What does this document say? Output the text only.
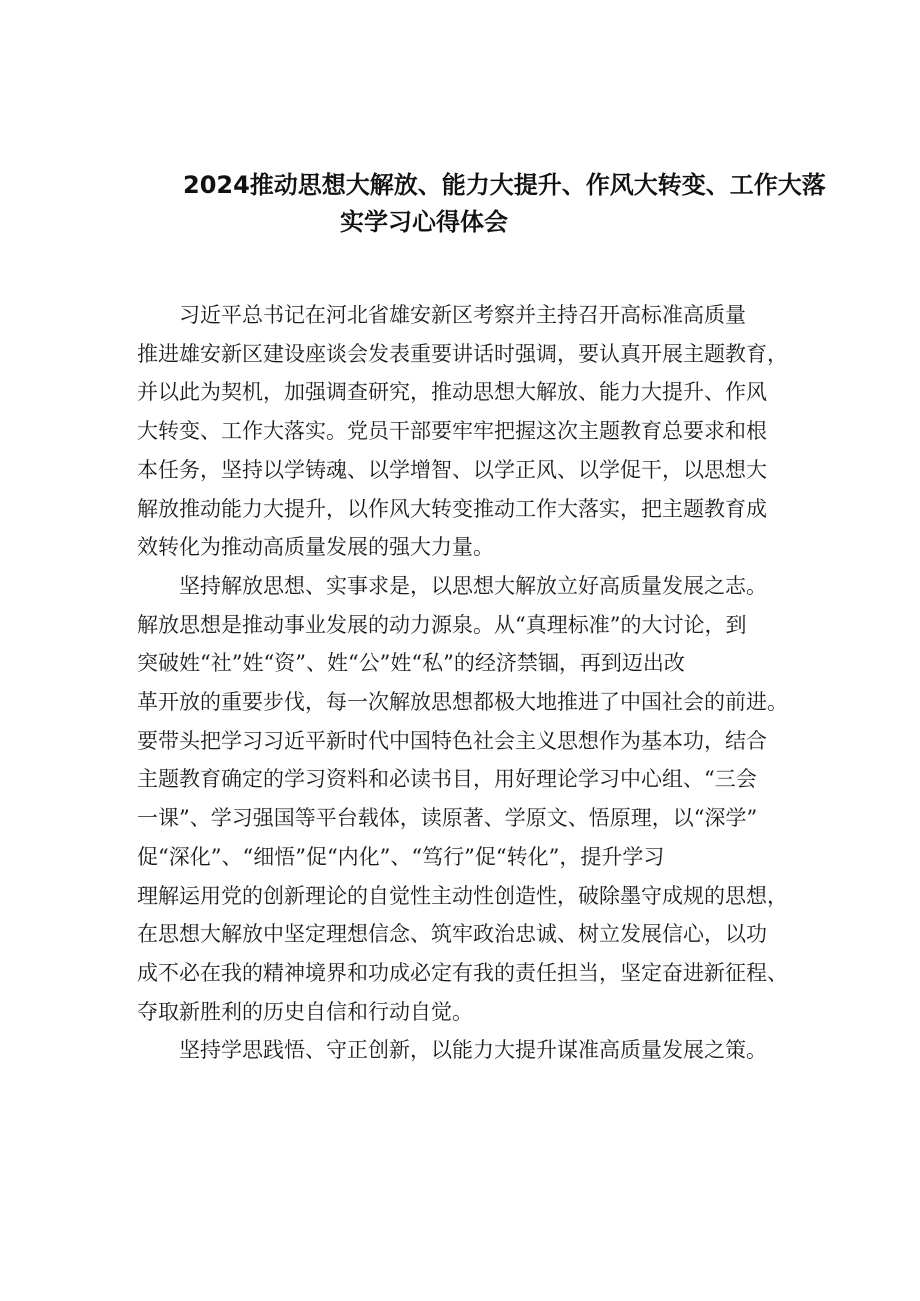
2024推动思想大解放、能力大提升、作风大转变、工作大落
实学习心得体会

习近平总书记在河北省雄安新区考察并主持召开高标准高质量
推进雄安新区建设座谈会发表重要讲话时强调，要认真开展主题教育，
并以此为契机，加强调查研究，推动思想大解放、能力大提升、作风
大转变、工作大落实。党员干部要牢牢把握这次主题教育总要求和根
本任务，坚持以学铸魂、以学增智、以学正风、以学促干，以思想大
解放推动能力大提升，以作风大转变推动工作大落实，把主题教育成
效转化为推动高质量发展的强大力量。

坚持解放思想、实事求是，以思想大解放立好高质量发展之志。
解放思想是推动事业发展的动力源泉。从“真理标准”的大讨论，到
突破姓“社”姓“资”、姓“公”姓“私”的经济禁锢，再到迈出改
革开放的重要步伐，每一次解放思想都极大地推进了中国社会的前进。
要带头把学习习近平新时代中国特色社会主义思想作为基本功，结合
主题教育确定的学习资料和必读书目，用好理论学习中心组、“三会
一课”、学习强国等平台载体，读原著、学原文、悟原理，以“深学”
促“深化”、“细悟”促“内化”、“笃行”促“转化”，提升学习
理解运用党的创新理论的自觉性主动性创造性，破除墨守成规的思想，
在思想大解放中坚定理想信念、筑牢政治忠诚、树立发展信心，以功
成不必在我的精神境界和功成必定有我的责任担当，坚定奋进新征程、
夺取新胜利的历史自信和行动自觉。

坚持学思践悟、守正创新，以能力大提升谋准高质量发展之策。
